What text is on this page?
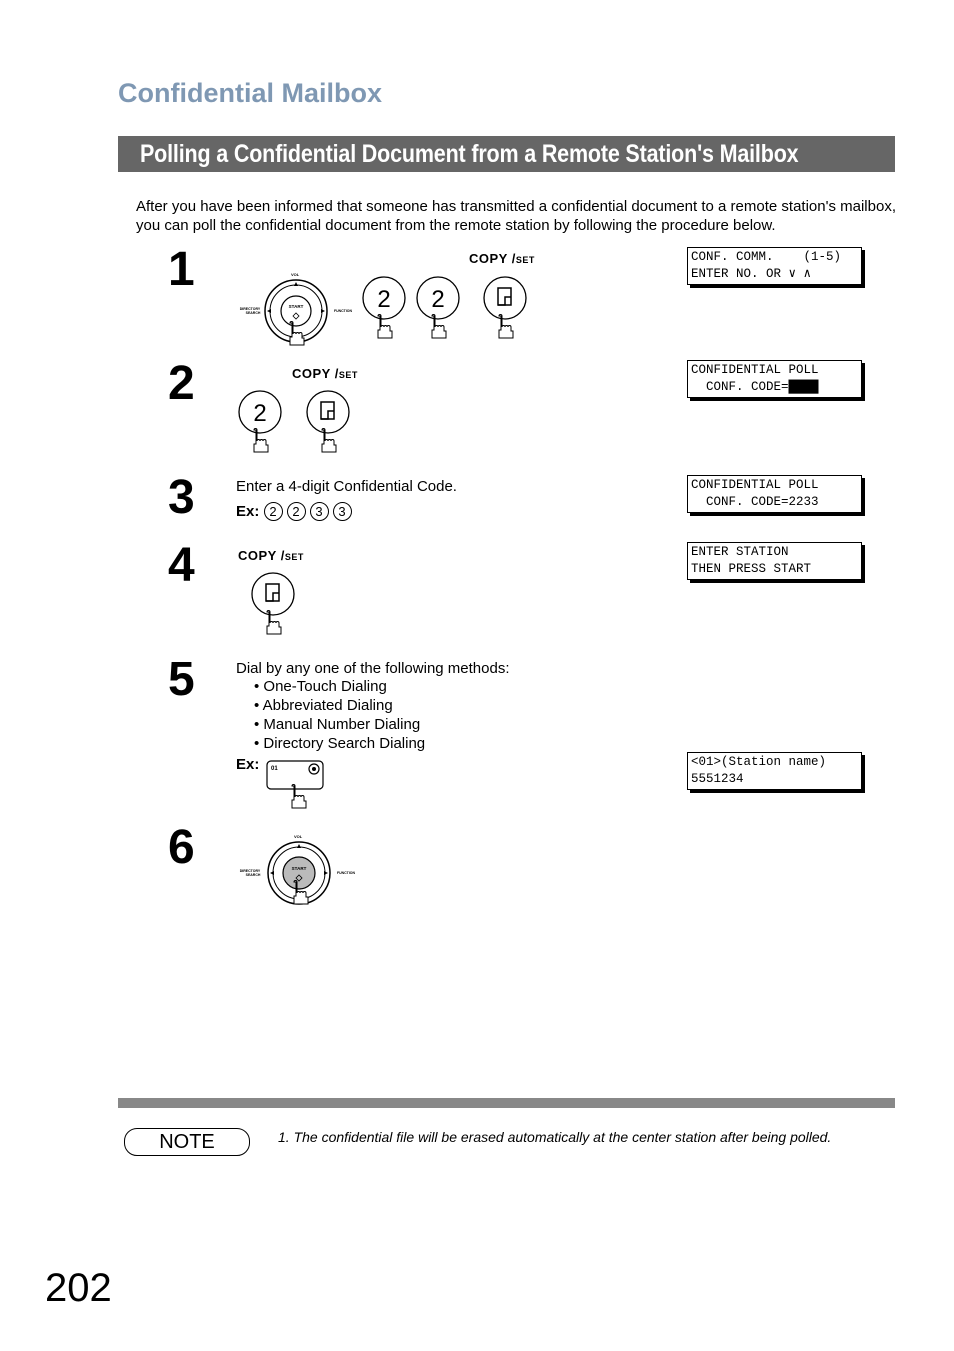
Confidential Mailbox
Polling a Confidential Document from a Remote Station's Mailbox
After you have been informed that someone has transmitted a confidential document to a remote station's mailbox, you can poll the confidential document from the remote station by following the procedure below.
1
2
3
4
5
6
CONF. COMM.    (1-5)
ENTER NO. OR ∨ ∧
CONFIDENTIAL POLL
CONF. CODE=████
CONFIDENTIAL POLL
CONF. CODE=2233
ENTER STATION
THEN PRESS START
<01>(Station name)
5551234
COPY /SET
COPY /SET
COPY /SET
START
VOL
DIRECTORY
SEARCH	FUNCTION 2 2
2
Enter a 4-digit Confidential Code.
Ex: 2 2 3 3
Dial by any one of the following methods:
• One-Touch Dialing
• Abbreviated Dialing
• Manual Number Dialing
• Directory Search Dialing
Ex: 01
START
VOL
DIRECTORY
SEARCH	FUNCTION
NOTE	1. The confidential file will be erased automatically at the center station after being polled.
202
